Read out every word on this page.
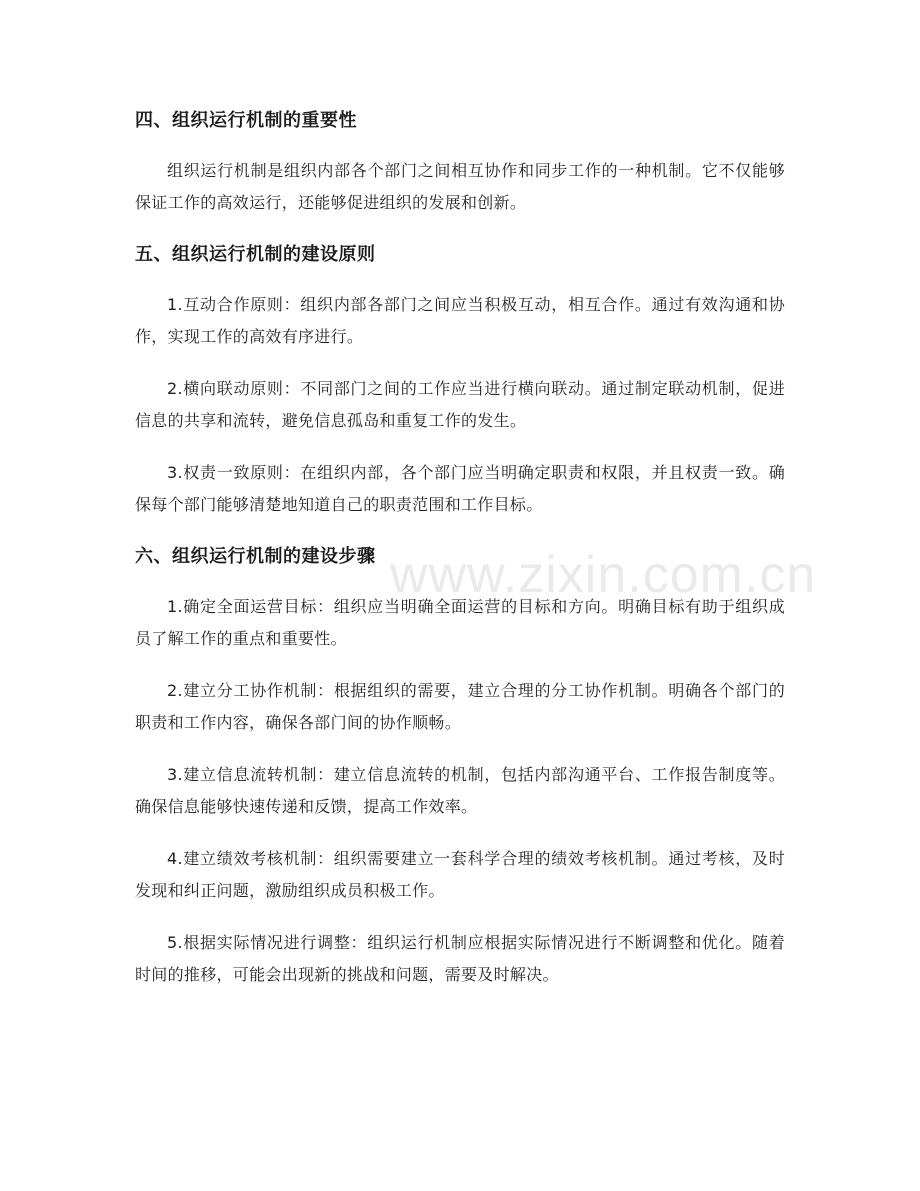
四、组织运行机制的重要性

组织运行机制是组织内部各个部门之间相互协作和同步工作的一种机制。它不仅能够保证工作的高效运行，还能够促进组织的发展和创新。

五、组织运行机制的建设原则

1.互动合作原则：组织内部各部门之间应当积极互动，相互合作。通过有效沟通和协作，实现工作的高效有序进行。

2.横向联动原则：不同部门之间的工作应当进行横向联动。通过制定联动机制，促进信息的共享和流转，避免信息孤岛和重复工作的发生。

3.权责一致原则：在组织内部，各个部门应当明确定职责和权限，并且权责一致。确保每个部门能够清楚地知道自己的职责范围和工作目标。

六、组织运行机制的建设步骤

1.确定全面运营目标：组织应当明确全面运营的目标和方向。明确目标有助于组织成员了解工作的重点和重要性。

2.建立分工协作机制：根据组织的需要，建立合理的分工协作机制。明确各个部门的职责和工作内容，确保各部门间的协作顺畅。

3.建立信息流转机制：建立信息流转的机制，包括内部沟通平台、工作报告制度等。确保信息能够快速传递和反馈，提高工作效率。

4.建立绩效考核机制：组织需要建立一套科学合理的绩效考核机制。通过考核，及时发现和纠正问题，激励组织成员积极工作。

5.根据实际情况进行调整：组织运行机制应根据实际情况进行不断调整和优化。随着时间的推移，可能会出现新的挑战和问题，需要及时解决。

www.zixin.com.cn
